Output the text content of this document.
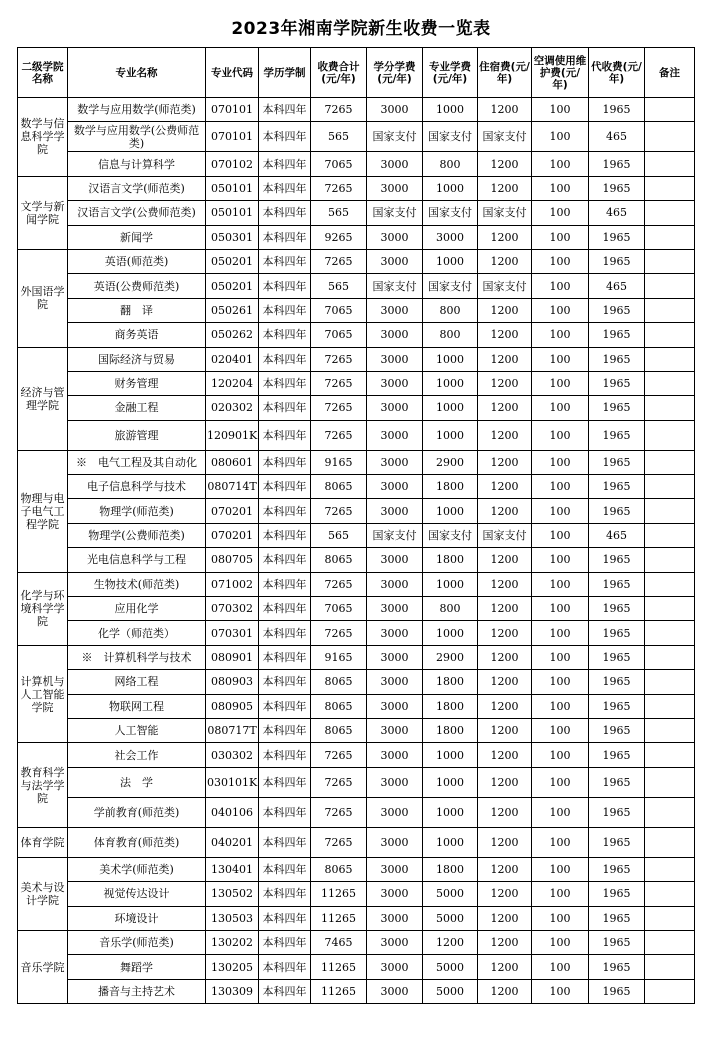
2023年湘南学院新生收费一览表
二级学院名称	专业名称	专业代码	学历学制	收费合计(元/年)	学分学费(元/年)	专业学费(元/年)	住宿费(元/年)	空调使用维护费(元/年)	代收费(元/年)	备注
数学与信息科学学院	数学与应用数学(师范类)	070101	本科四年	7265	3000	1000	1200	100	1965	
	数学与应用数学(公费师范类)	070101	本科四年	565	国家支付	国家支付	国家支付	100	465	
	信息与计算科学	070102	本科四年	7065	3000	800	1200	100	1965	
文学与新闻学院	汉语言文学(师范类)	050101	本科四年	7265	3000	1000	1200	100	1965	
	汉语言文学(公费师范类)	050101	本科四年	565	国家支付	国家支付	国家支付	100	465	
	新闻学	050301	本科四年	9265	3000	3000	1200	100	1965	
外国语学院	英语(师范类)	050201	本科四年	7265	3000	1000	1200	100	1965	
	英语(公费师范类)	050201	本科四年	565	国家支付	国家支付	国家支付	100	465	
	翻　译	050261	本科四年	7065	3000	800	1200	100	1965	
	商务英语	050262	本科四年	7065	3000	800	1200	100	1965	
经济与管理学院	国际经济与贸易	020401	本科四年	7265	3000	1000	1200	100	1965	
	财务管理	120204	本科四年	7265	3000	1000	1200	100	1965	
	金融工程	020302	本科四年	7265	3000	1000	1200	100	1965	
	旅游管理	120901K	本科四年	7265	3000	1000	1200	100	1965	
物理与电子电气工程学院	※　电气工程及其自动化	080601	本科四年	9165	3000	2900	1200	100	1965	
	电子信息科学与技术	080714T	本科四年	8065	3000	1800	1200	100	1965	
	物理学(师范类)	070201	本科四年	7265	3000	1000	1200	100	1965	
	物理学(公费师范类)	070201	本科四年	565	国家支付	国家支付	国家支付	100	465	
	光电信息科学与工程	080705	本科四年	8065	3000	1800	1200	100	1965	
化学与环境科学学院	生物技术(师范类)	071002	本科四年	7265	3000	1000	1200	100	1965	
	应用化学	070302	本科四年	7065	3000	800	1200	100	1965	
	化学（师范类）	070301	本科四年	7265	3000	1000	1200	100	1965	
计算机与人工智能学院	※　计算机科学与技术	080901	本科四年	9165	3000	2900	1200	100	1965	
	网络工程	080903	本科四年	8065	3000	1800	1200	100	1965	
	物联网工程	080905	本科四年	8065	3000	1800	1200	100	1965	
	人工智能	080717T	本科四年	8065	3000	1800	1200	100	1965	
教育科学与法学学院	社会工作	030302	本科四年	7265	3000	1000	1200	100	1965	
	法　学	030101K	本科四年	7265	3000	1000	1200	100	1965	
	学前教育(师范类)	040106	本科四年	7265	3000	1000	1200	100	1965	
体育学院	体育教育(师范类)	040201	本科四年	7265	3000	1000	1200	100	1965	
美术与设计学院	美术学(师范类)	130401	本科四年	8065	3000	1800	1200	100	1965	
	视觉传达设计	130502	本科四年	11265	3000	5000	1200	100	1965	
	环境设计	130503	本科四年	11265	3000	5000	1200	100	1965	
音乐学院	音乐学(师范类)	130202	本科四年	7465	3000	1200	1200	100	1965	
	舞蹈学	130205	本科四年	11265	3000	5000	1200	100	1965	
	播音与主持艺术	130309	本科四年	11265	3000	5000	1200	100	1965	
